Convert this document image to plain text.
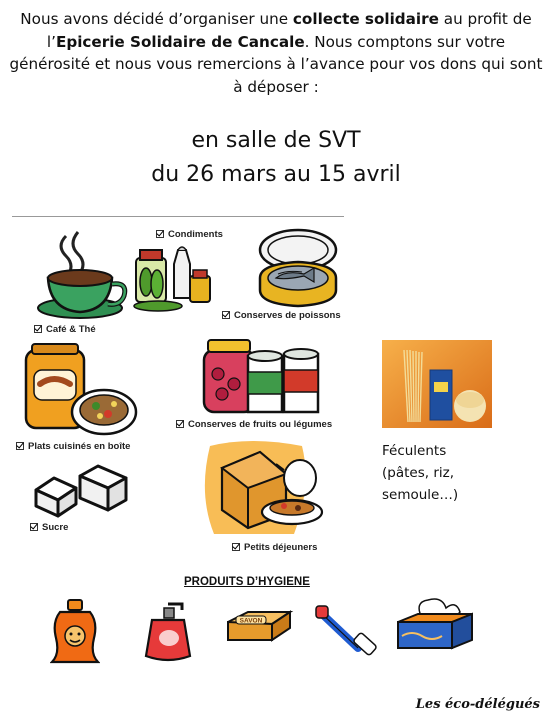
Nous avons décidé d’organiser une collecte solidaire au profit de l’Epicerie Solidaire de Cancale. Nous comptons sur votre générosité et nous vous remercions à l’avance pour vos dons qui sont à déposer :
en salle de SVT
du 26 mars au 15 avril
Café & Thé
Condiments
Conserves de poissons
Plats cuisinés en boîte
Conserves de fruits ou légumes
Féculents
(pâtes, riz,
semoule…)
Sucre
Petits déjeuners
PRODUITS D’HYGIENE
SAVON
Les éco-délégués
